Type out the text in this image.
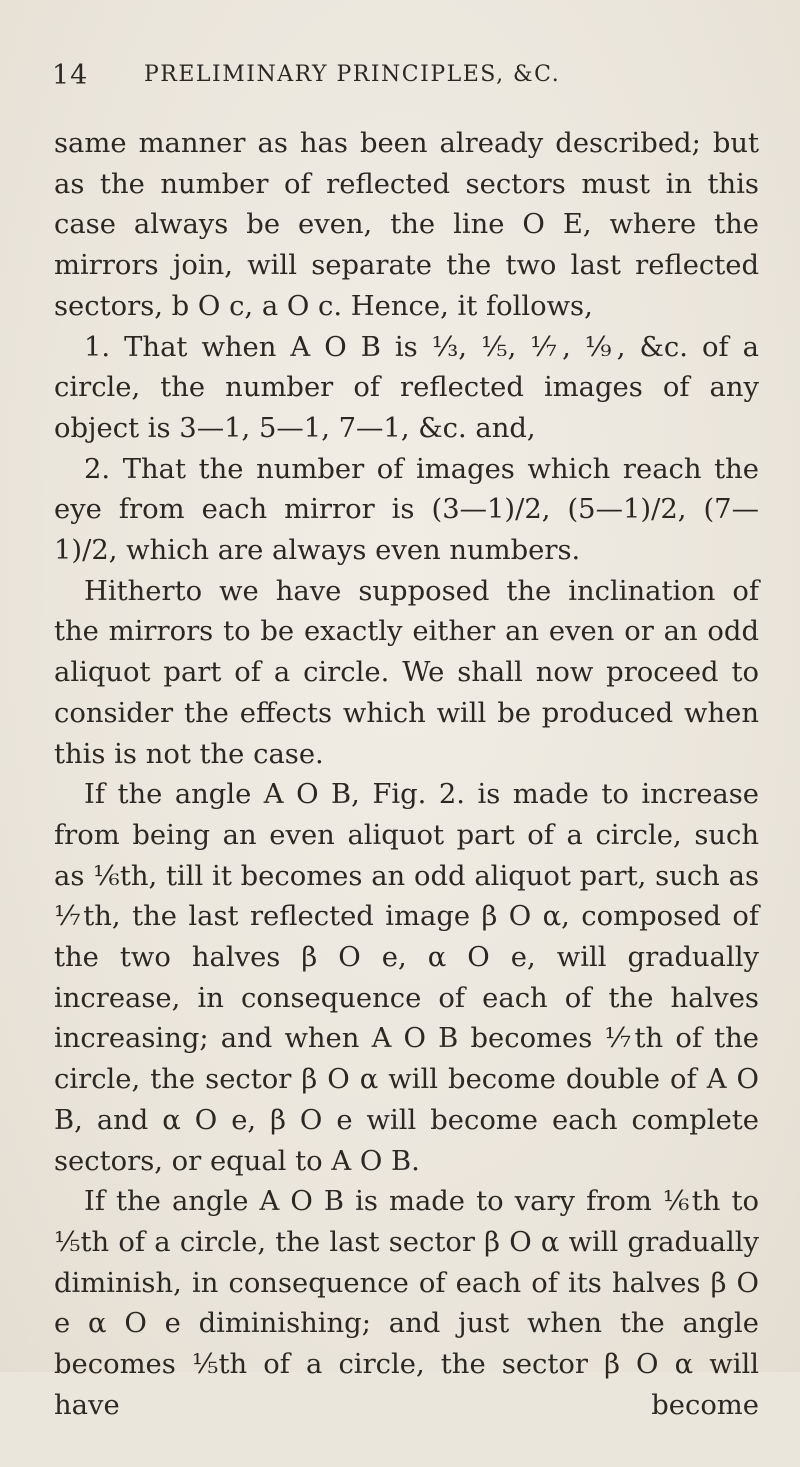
14	PRELIMINARY PRINCIPLES, &C.

same manner as has been already described; but as the number of reflected sectors must in this case always be even, the line O E, where the mirrors join, will separate the two last reflected sectors, b O c, a O c. Hence, it follows,

1. That when A O B is ⅓, ⅕, ⅐, ⅑, &c. of a circle, the number of reflected images of any object is 3—1, 5—1, 7—1, &c. and,

2. That the number of images which reach the eye from each mirror is (3—1)/2, (5—1)/2, (7—1)/2, which are always even numbers.

Hitherto we have supposed the inclination of the mirrors to be exactly either an even or an odd aliquot part of a circle. We shall now proceed to consider the effects which will be produced when this is not the case.

If the angle A O B, Fig. 2. is made to increase from being an even aliquot part of a circle, such as ⅙th, till it becomes an odd aliquot part, such as ⅐th, the last reflected image β O α, composed of the two halves β O e, α O e, will gradually increase, in consequence of each of the halves increasing; and when A O B becomes ⅐th of the circle, the sector β O α will become double of A O B, and α O e, β O e will become each complete sectors, or equal to A O B.

If the angle A O B is made to vary from ⅙th to ⅕th of a circle, the last sector β O α will gradually diminish, in consequence of each of its halves β O e α O e diminishing; and just when the angle becomes ⅕th of a circle, the sector β O α will have become
